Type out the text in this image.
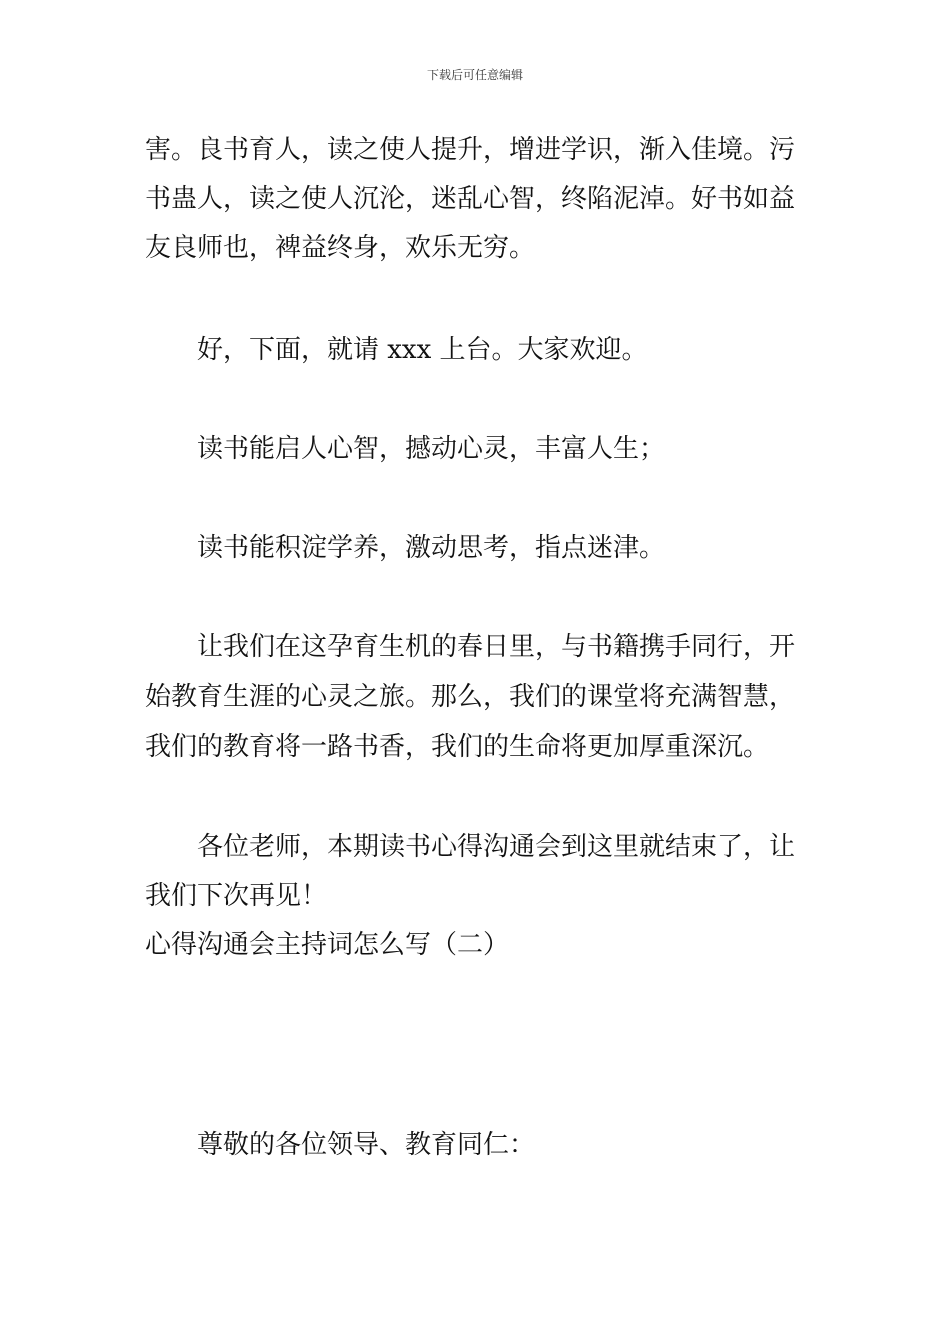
下载后可任意编辑
害。良书育人，读之使人提升，增进学识，渐入佳境。污
书蛊人，读之使人沉沦，迷乱心智，终陷泥淖。好书如益
友良师也，裨益终身，欢乐无穷。
好，下面，就请 xxx 上台。大家欢迎。
读书能启人心智，撼动心灵，丰富人生；
读书能积淀学养，激动思考，指点迷津。
让我们在这孕育生机的春日里，与书籍携手同行，开
始教育生涯的心灵之旅。那么，我们的课堂将充满智慧，
我们的教育将一路书香，我们的生命将更加厚重深沉。
各位老师，本期读书心得沟通会到这里就结束了，让
我们下次再见！
心得沟通会主持词怎么写（二）
尊敬的各位领导、教育同仁：
